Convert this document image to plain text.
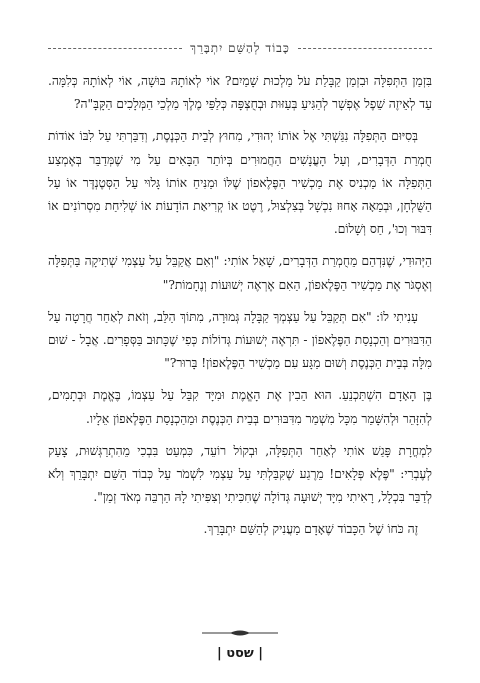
כָּבוֹד לְהַשֵּׁם יִתְבָּרֵךְ

בִּזְמַן הַתְּפִלָּה וּבִזְמַן קַבָּלַת עֹל מַלְכוּת שָׁמַיִם? אוֹי לְאוֹתָהּ בּוּשָׁה, אוֹי לְאוֹתָהּ כְּלִמָּה. עַד לְאֵיזֶה שֵׁפֶל אֶפְשָׁר לְהַגִּיעַ בְּעַזּוּת וּבְחֻצְפָּה כְּלַפֵּי מֶלֶךְ מַלְכֵי הַמְּלָכִים הַקָּבָּ"ה?

בְּסִיּוּם הַתְּפִלָּה נִגַּשְׁתִּי אֶל אוֹתוֹ יְהוּדִי, מִחוּץ לְבֵית הַכְּנֶסֶת, וְדִבַּרְתִּי עַל לִבּוֹ אוֹדוֹת חֻמְרַת הַדְּבָרִים, וְעַל הָעֳנָשִׁים הַחֲמוּרִים בְּיוֹתֵר הַבָּאִים עַל מִי שֶׁמְּדַבֵּר בְּאֶמְצַע הַתְּפִלָּה אוֹ מַכְנִיס אֶת מַכְשִׁיר הַפֶּלֶאפוֹן שֶׁלּוֹ וּמַנִּיחַ אוֹתוֹ גָּלוּי עַל הַסְּטֶנְדֶּר אוֹ עַל הַשֻּׁלְחָן, וּבְמֵאָה אָחוּז נִכְשָׁל בְּצִלְצוּל, רֶטֶט אוֹ קְרִיאַת הוֹדָעוֹת אוֹ שְׁלִיחַת מִסְרוֹנִים אוֹ דִּבּוּר וְכוּ', חַס וְשָׁלוֹם.

הַיְּהוּדִי, שֶׁנִּדְהַם מֵחֻמְרַת הַדְּבָרִים, שָׁאַל אוֹתִי: "וְאִם אֲקַבֵּל עַל עַצְמִי שְׁתִיקָה בַּתְּפִלָּה וְאֶסְגֹּר אֶת מַכְשִׁיר הַפֶּלֶאפוֹן, הַאִם אֶרְאֶה יְשׁוּעוֹת וְנֶחָמוֹת?"

עָנִיתִי לוֹ: "אִם תְּקַבֵּל עַל עַצְמְךָ קַבָּלָה גְּמוּרָה, מִתּוֹךְ הַלֵּב, וְזֹאת לְאַחַר חֲרָטָה עַל הַדִּבּוּרִים וְהַכְנָסַת הַפֶּלֶאפוֹן - תִּרְאֶה יְשׁוּעוֹת גְּדוֹלוֹת כְּפִי שֶׁכָּתוּב בַּסְּפָרִים. אֲבָל - שׁוּם מִלָּה בְּבֵית הַכְּנֶסֶת וְשׁוּם מַגָּע עִם מַכְשִׁיר הַפֶּלֶאפוֹן! בָּרוּר?"

בֶּן הָאָדָם הִשְׁתַּכְנֵעַ. הוּא הֵבִין אֶת הָאֱמֶת וּמִיָּד קִבֵּל עַל עַצְמוֹ, בֶּאֱמֶת וּבְתָמִים, לְהִזָּהֵר וּלְהִשָּׁמֵר מִכָּל מִשְׁמַר מִדִּבּוּרִים בְּבֵית הַכְּנֶסֶת וּמֵהַכְנָסַת הַפֶּלֶאפוֹן אֵלָיו.

לִמְחֳרָת פָּגַשׁ אוֹתִי לְאַחַר הַתְּפִלָּה, וּבְקוֹל רוֹעֵד, כִּמְעַט בִּבְכִי מֵהִתְרַגְּשׁוּת, צָעַק לְעֶבְרִי: "פֶּלֶא פְּלָאִים! מֵרֶגַע שֶׁקִּבַּלְתִּי עַל עַצְמִי לִשְׁמֹר עַל כְּבוֹד הַשֵּׁם יִתְבָּרֵךְ וְלֹא לְדַבֵּר בִּכְלָל, רָאִיתִי מִיָּד יְשׁוּעָה גְּדוֹלָה שֶׁחִכִּיתִי וְצִפִּיתִי לָהּ הַרְבֵּה מְאֹד זְמַן".

זֶה כֹּחוֹ שֶׁל הַכָּבוֹד שֶׁאָדָם מַעֲנִיק לְהַשֵּׁם יִתְבָּרֵךְ.

| שסט |
